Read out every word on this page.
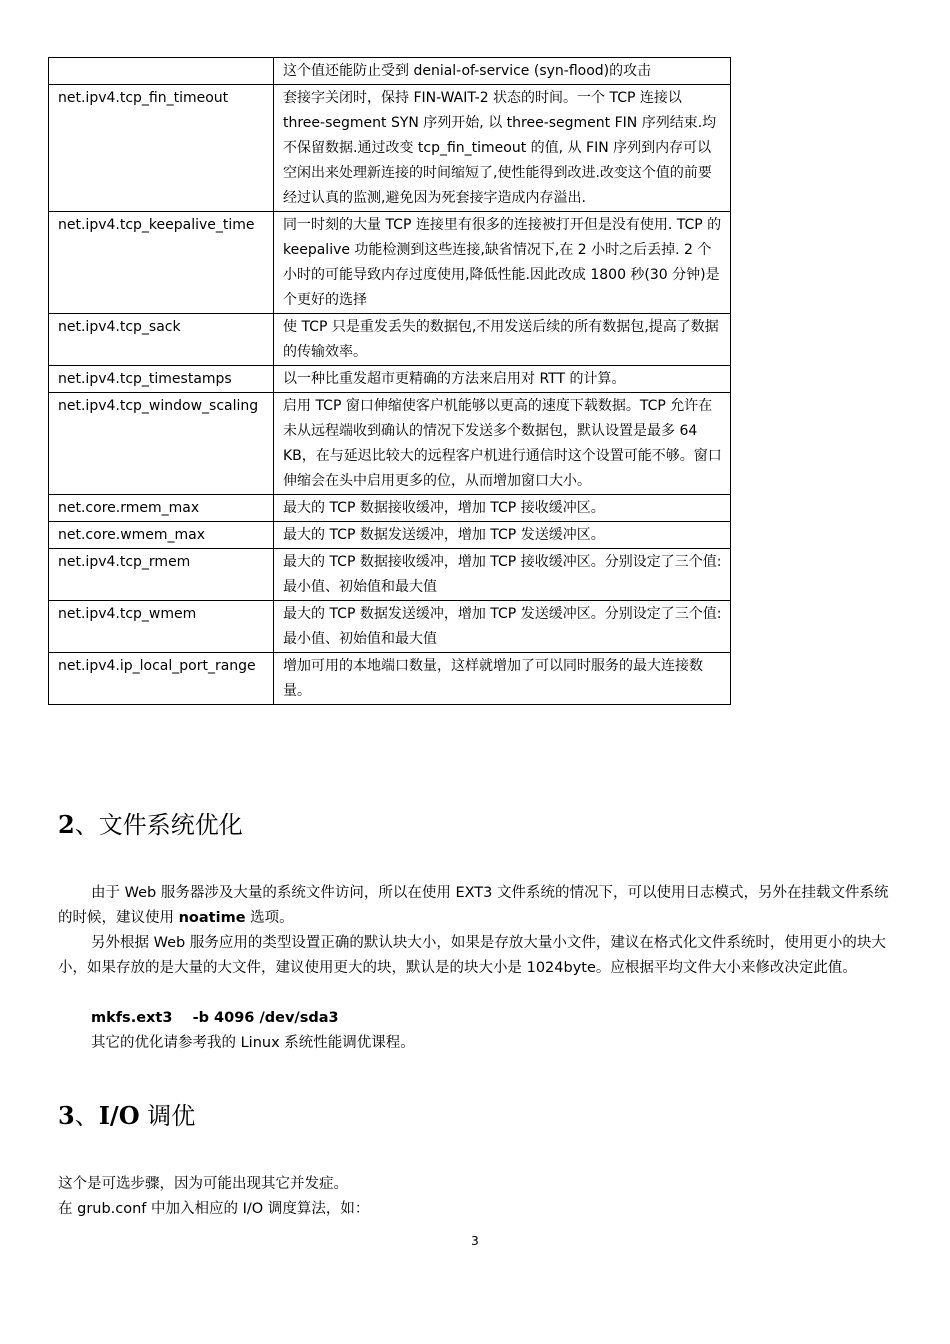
	这个值还能防止受到 denial-of-service (syn-flood)的攻击
net.ipv4.tcp_fin_timeout	套接字关闭时，保持 FIN-WAIT-2 状态的时间。一个 TCP 连接以 three-segment SYN 序列开始, 以 three-segment FIN 序列结束.均不保留数据.通过改变 tcp_fin_timeout 的值, 从 FIN 序列到内存可以空闲出来处理新连接的时间缩短了,使性能得到改进.改变这个值的前要经过认真的监测,避免因为死套接字造成内存溢出.
net.ipv4.tcp_keepalive_time	同一时刻的大量 TCP 连接里有很多的连接被打开但是没有使用. TCP 的 keepalive 功能检测到这些连接,缺省情况下,在 2 小时之后丢掉. 2 个小时的可能导致内存过度使用,降低性能.因此改成 1800 秒(30 分钟)是个更好的选择
net.ipv4.tcp_sack	使 TCP 只是重发丢失的数据包,不用发送后续的所有数据包,提高了数据的传输效率。
net.ipv4.tcp_timestamps	以一种比重发超市更精确的方法来启用对 RTT 的计算。
net.ipv4.tcp_window_scaling	启用 TCP 窗口伸缩使客户机能够以更高的速度下载数据。TCP 允许在未从远程端收到确认的情况下发送多个数据包，默认设置是最多 64 KB，在与延迟比较大的远程客户机进行通信时这个设置可能不够。窗口伸缩会在头中启用更多的位，从而增加窗口大小。
net.core.rmem_max	最大的 TCP 数据接收缓冲，增加 TCP 接收缓冲区。
net.core.wmem_max	最大的 TCP 数据发送缓冲，增加 TCP 发送缓冲区。
net.ipv4.tcp_rmem	最大的 TCP 数据接收缓冲，增加 TCP 接收缓冲区。分别设定了三个值:最小值、初始值和最大值
net.ipv4.tcp_wmem	最大的 TCP 数据发送缓冲，增加 TCP 发送缓冲区。分别设定了三个值:最小值、初始值和最大值
net.ipv4.ip_local_port_range	增加可用的本地端口数量，这样就增加了可以同时服务的最大连接数量。
2、文件系统优化
由于 Web 服务器涉及大量的系统文件访问，所以在使用 EXT3 文件系统的情况下，可以使用日志模式，另外在挂载文件系统的时候，建议使用 noatime 选项。
另外根据 Web 服务应用的类型设置正确的默认块大小，如果是存放大量小文件，建议在格式化文件系统时，使用更小的块大小，如果存放的是大量的大文件，建议使用更大的块，默认是的块大小是 1024byte。应根据平均文件大小来修改决定此值。
mkfs.ext3    -b 4096 /dev/sda3
其它的优化请参考我的 Linux 系统性能调优课程。
3、I/O 调优
这个是可选步骤，因为可能出现其它并发症。
在 grub.conf 中加入相应的 I/O 调度算法，如：
3
